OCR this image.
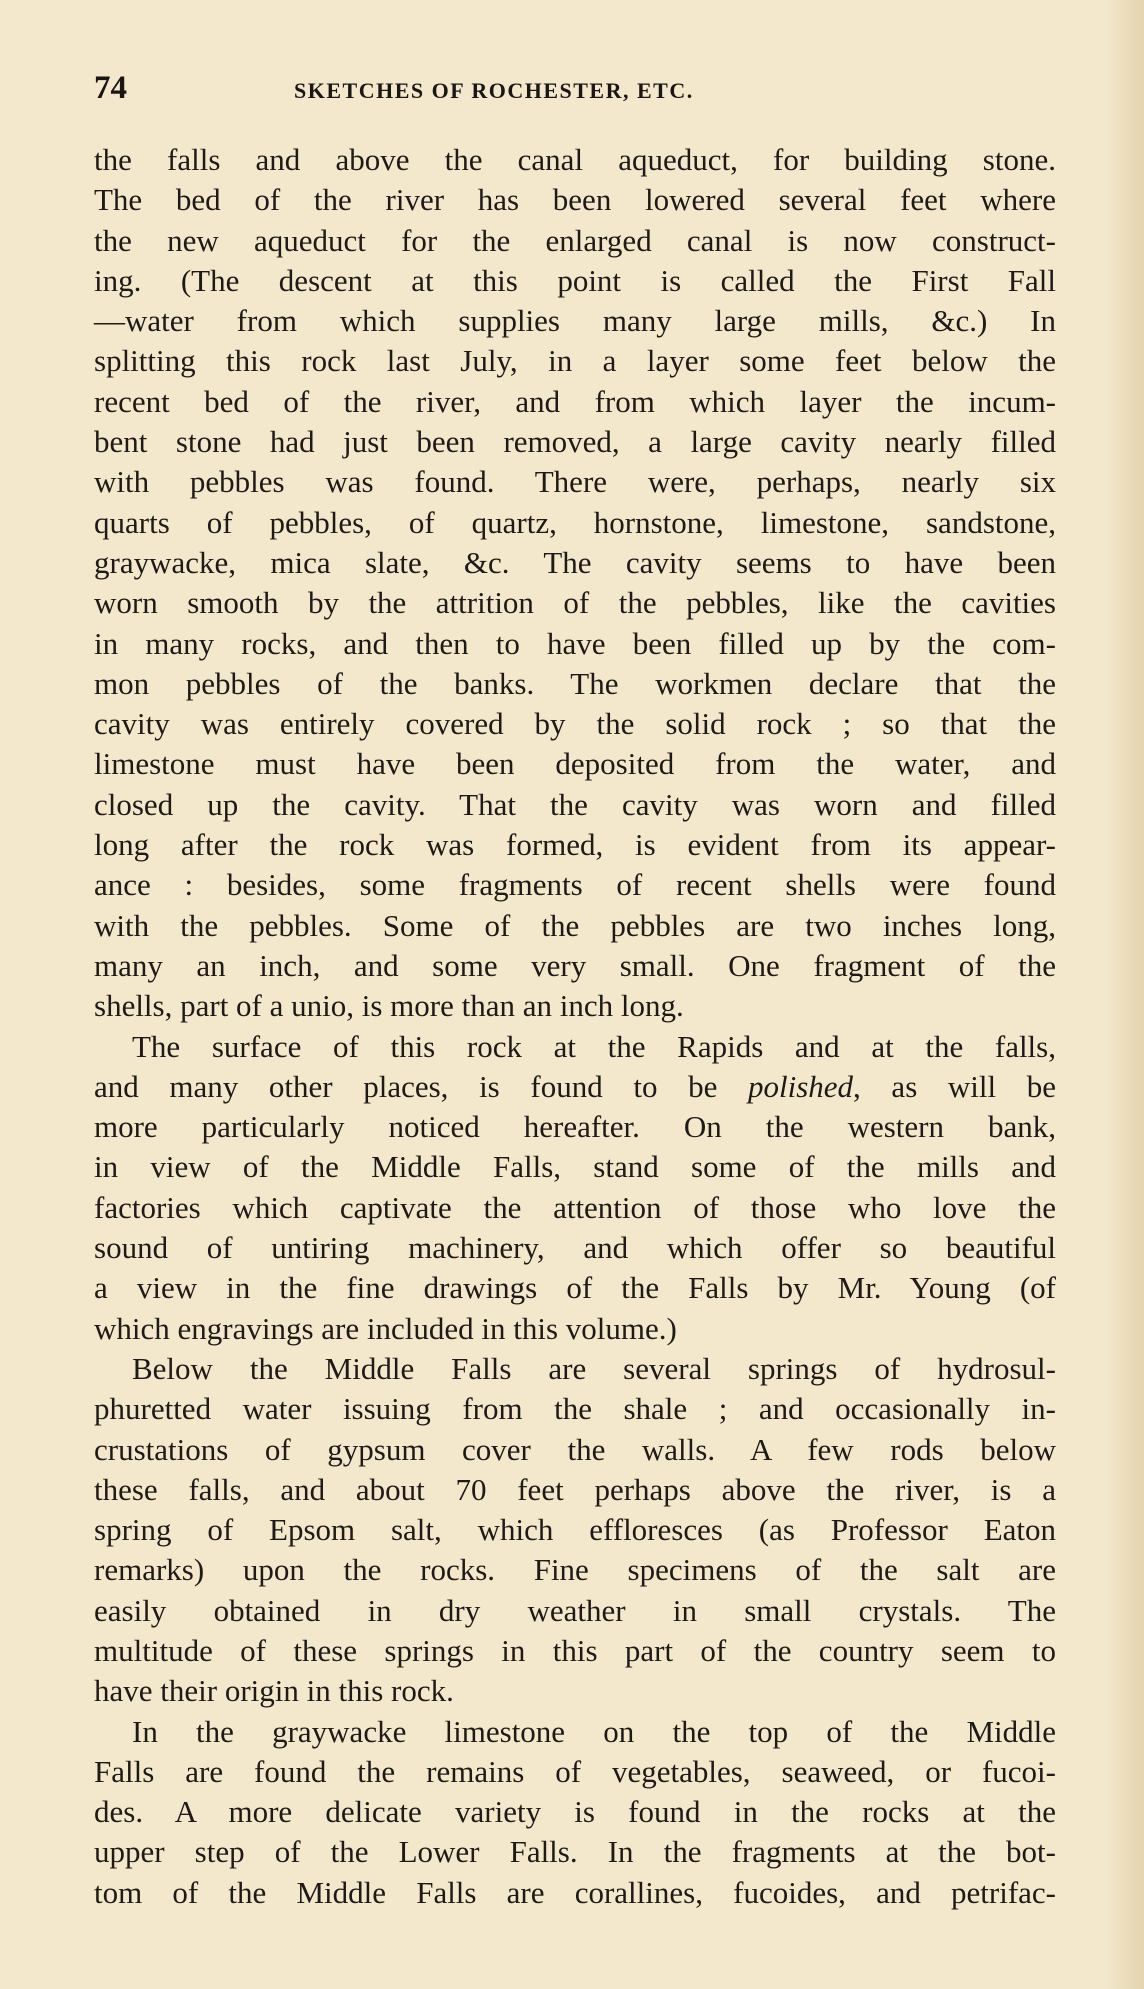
74	SKETCHES OF ROCHESTER, ETC.
the falls and above the canal aqueduct, for building stone.
The bed of the river has been lowered several feet where
the new aqueduct for the enlarged canal is now construct-
ing. (The descent at this point is called the First Fall
—water from which supplies many large mills, &c.) In
splitting this rock last July, in a layer some feet below the
recent bed of the river, and from which layer the incum-
bent stone had just been removed, a large cavity nearly filled
with pebbles was found. There were, perhaps, nearly six
quarts of pebbles, of quartz, hornstone, limestone, sandstone,
graywacke, mica slate, &c. The cavity seems to have been
worn smooth by the attrition of the pebbles, like the cavities
in many rocks, and then to have been filled up by the com-
mon pebbles of the banks. The workmen declare that the
cavity was entirely covered by the solid rock ; so that the
limestone must have been deposited from the water, and
closed up the cavity. That the cavity was worn and filled
long after the rock was formed, is evident from its appear-
ance : besides, some fragments of recent shells were found
with the pebbles. Some of the pebbles are two inches long,
many an inch, and some very small. One fragment of the
shells, part of a unio, is more than an inch long.
The surface of this rock at the Rapids and at the falls,
and many other places, is found to be polished, as will be
more particularly noticed hereafter. On the western bank,
in view of the Middle Falls, stand some of the mills and
factories which captivate the attention of those who love the
sound of untiring machinery, and which offer so beautiful
a view in the fine drawings of the Falls by Mr. Young (of
which engravings are included in this volume.)
Below the Middle Falls are several springs of hydrosul-
phuretted water issuing from the shale ; and occasionally in-
crustations of gypsum cover the walls. A few rods below
these falls, and about 70 feet perhaps above the river, is a
spring of Epsom salt, which effloresces (as Professor Eaton
remarks) upon the rocks. Fine specimens of the salt are
easily obtained in dry weather in small crystals. The
multitude of these springs in this part of the country seem to
have their origin in this rock.
In the graywacke limestone on the top of the Middle
Falls are found the remains of vegetables, seaweed, or fucoi-
des. A more delicate variety is found in the rocks at the
upper step of the Lower Falls. In the fragments at the bot-
tom of the Middle Falls are corallines, fucoides, and petrifac-
